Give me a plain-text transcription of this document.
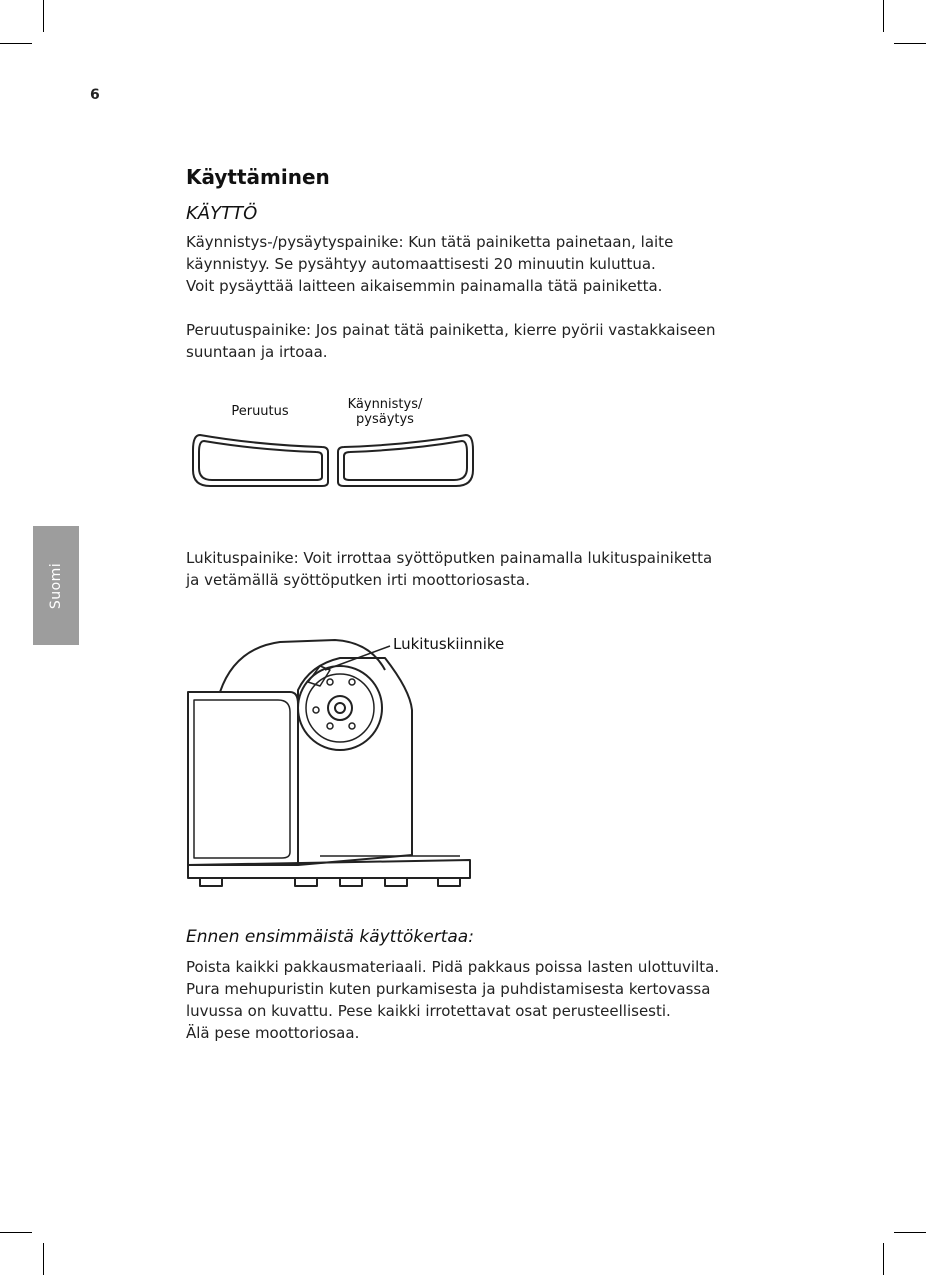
6
Suomi
Käyttäminen
KÄYTTÖ
Käynnistys-/pysäytyspainike: Kun tätä painiketta painetaan, laite
käynnistyy. Se pysähtyy automaattisesti 20 minuutin kuluttua.
Voit pysäyttää laitteen aikaisemmin painamalla tätä painiketta.
Peruutuspainike: Jos painat tätä painiketta, kierre pyörii vastakkaiseen
suuntaan ja irtoaa.
Peruutus	Käynnistys/
pysäytys
Lukituspainike: Voit irrottaa syöttöputken painamalla lukituspainiketta
ja vetämällä syöttöputken irti moottoriosasta.
Lukituskiinnike
Ennen ensimmäistä käyttökertaa:
Poista kaikki pakkausmateriaali. Pidä pakkaus poissa lasten ulottuvilta.
Pura mehupuristin kuten purkamisesta ja puhdistamisesta kertovassa
luvussa on kuvattu. Pese kaikki irrotettavat osat perusteellisesti.
Älä pese moottoriosaa.
